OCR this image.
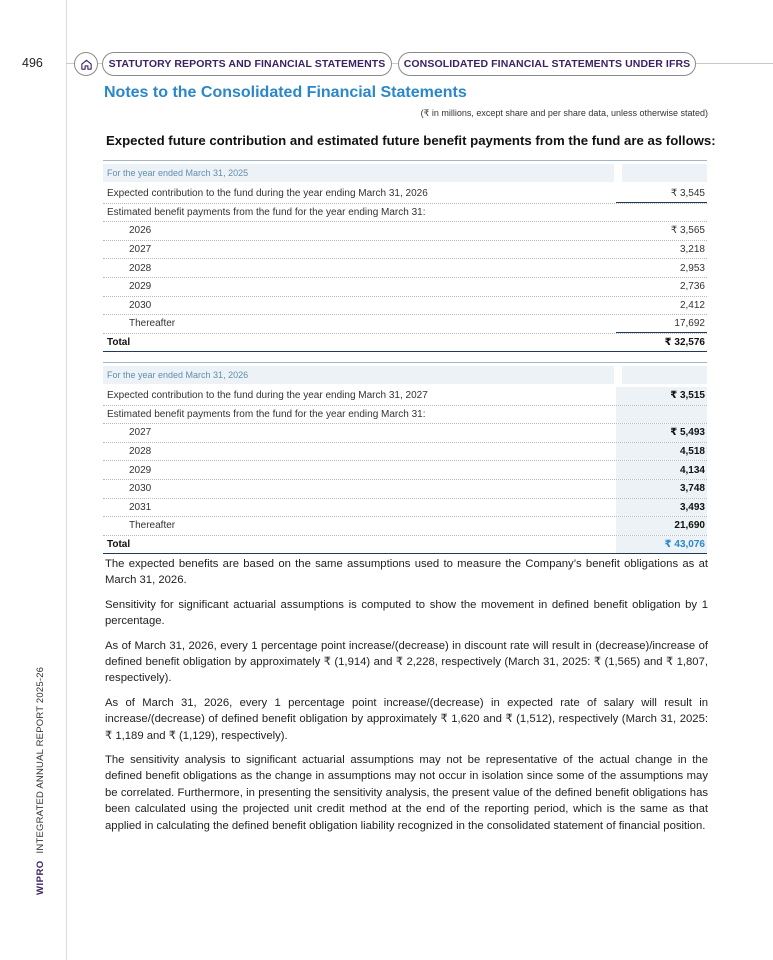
496
WIPRO INTEGRATED ANNUAL REPORT 2025-26
STATUTORY REPORTS AND FINANCIAL STATEMENTS	CONSOLIDATED FINANCIAL STATEMENTS UNDER IFRS
Notes to the Consolidated Financial Statements
(₹ in millions, except share and per share data, unless otherwise stated)
Expected future contribution and estimated future benefit payments from the fund are as follows:
For the year ended March 31, 2025
Expected contribution to the fund during the year ending March 31, 2026	₹ 3,545
Estimated benefit payments from the fund for the year ending March 31:
2026	₹ 3,565
2027	3,218
2028	2,953
2029	2,736
2030	2,412
Thereafter	17,692
Total	₹ 32,576
For the year ended March 31, 2026
Expected contribution to the fund during the year ending March 31, 2027	₹ 3,515
Estimated benefit payments from the fund for the year ending March 31:
2027	₹ 5,493
2028	4,518
2029	4,134
2030	3,748
2031	3,493
Thereafter	21,690
Total	₹ 43,076

The expected benefits are based on the same assumptions used to measure the Company’s benefit obligations as at March 31, 2026.

Sensitivity for significant actuarial assumptions is computed to show the movement in defined benefit obligation by 1 percentage.

As of March 31, 2026, every 1 percentage point increase/(decrease) in discount rate will result in (decrease)/increase of defined benefit obligation by approximately ₹ (1,914) and ₹ 2,228, respectively (March 31, 2025: ₹ (1,565) and ₹ 1,807, respectively).

As of March 31, 2026, every 1 percentage point increase/(decrease) in expected rate of salary will result in increase/(decrease) of defined benefit obligation by approximately ₹ 1,620 and ₹ (1,512), respectively (March 31, 2025: ₹ 1,189 and ₹ (1,129), respectively).

The sensitivity analysis to significant actuarial assumptions may not be representative of the actual change in the defined benefit obligations as the change in assumptions may not occur in isolation since some of the assumptions may be correlated. Furthermore, in presenting the sensitivity analysis, the present value of the defined benefit obligations has been calculated using the projected unit credit method at the end of the reporting period, which is the same as that applied in calculating the defined benefit obligation liability recognized in the consolidated statement of financial position.
